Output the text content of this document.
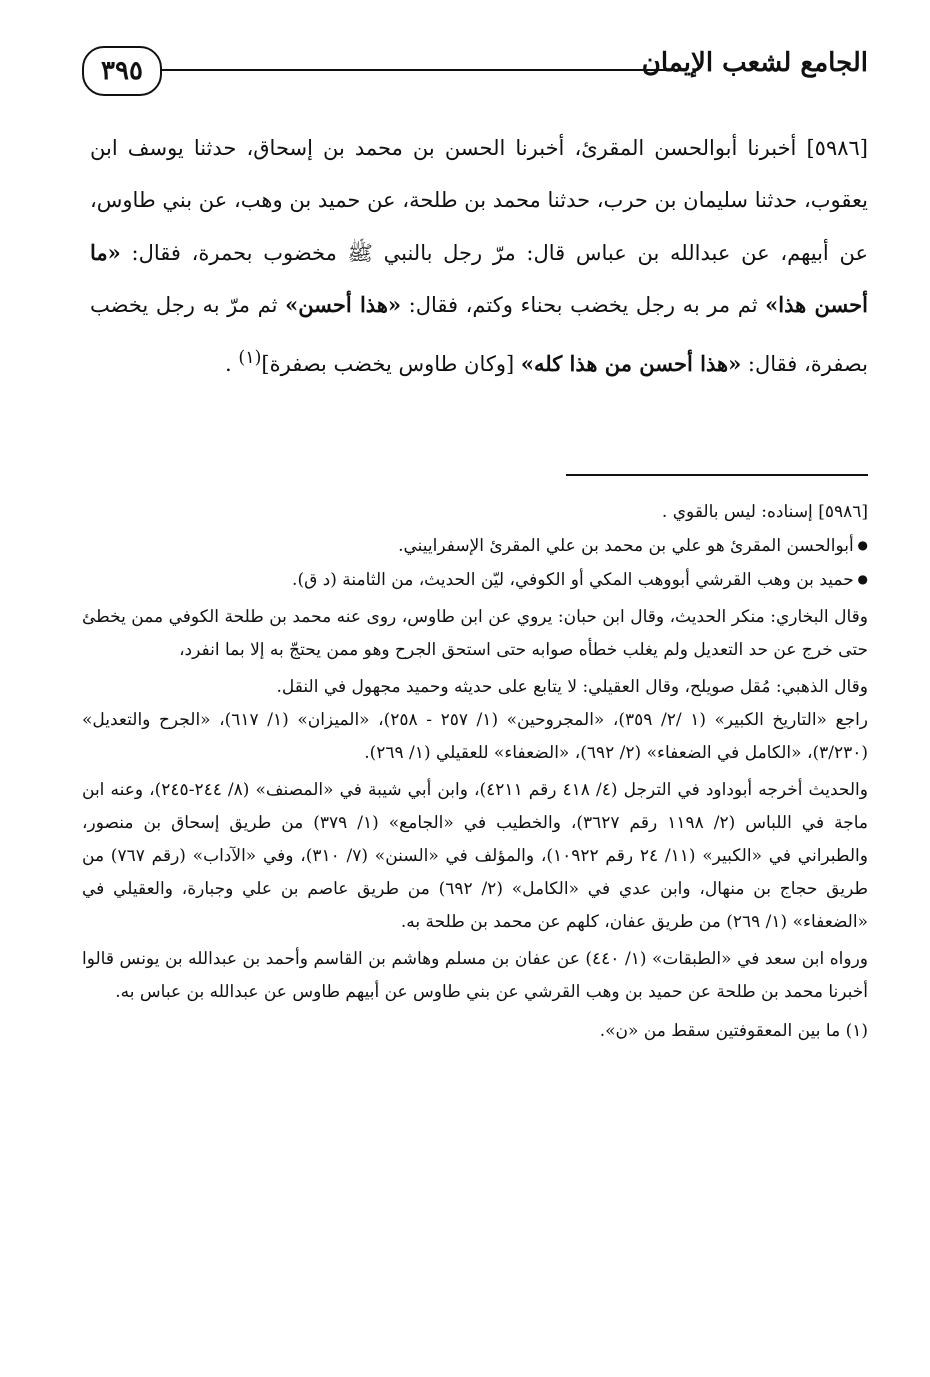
٣٩٥	الجامع لشعب الإيمان

[٥٩٨٦] أخبرنا أبوالحسن المقرئ، أخبرنا الحسن بن محمد بن إسحاق، حدثنا يوسف ابن يعقوب، حدثنا سليمان بن حرب، حدثنا محمد بن طلحة، عن حميد بن وهب، عن بني طاوس، عن أبيهم، عن عبدالله بن عباس قال: مرّ رجل بالنبي ﷺ مخضوب بحمرة، فقال: «ما أحسن هذا» ثم مر به رجل يخضب بحناء وكتم، فقال: «هذا أحسن» ثم مرّ به رجل يخضب بصفرة، فقال: «هذا أحسن من هذا كله» [وكان طاوس يخضب بصفرة]$^{(١)}$ .

[٥٩٨٦] إسناده: ليس بالقوي .

● أبوالحسن المقرئ هو علي بن محمد بن علي المقرئ الإسفراييني.

● حميد بن وهب القرشي أبووهب المكي أو الكوفي، ليّن الحديث، من الثامنة (د ق).

وقال البخاري: منكر الحديث، وقال ابن حبان: يروي عن ابن طاوس، روى عنه محمد بن طلحة الكوفي ممن يخطئ حتى خرج عن حد التعديل ولم يغلب خطأه صوابه حتى استحق الجرح وهو ممن يحتجّ به إلا بما انفرد،

وقال الذهبي: مُقل صويلح، وقال العقيلي: لا يتابع على حديثه وحميد مجهول في النقل.

راجع «التاريخ الكبير» (١ /٢/ ٣٥٩)، «المجروحين» (١/ ٢٥٧ - ٢٥٨)، «الميزان» (١/ ٦١٧)، «الجرح والتعديل» (٣/٢٣٠)، «الكامل في الضعفاء» (٢/ ٦٩٢)، «الضعفاء» للعقيلي (١/ ٢٦٩).

والحديث أخرجه أبوداود في الترجل (٤/ ٤١٨ رقم ٤٢١١)، وابن أبي شيبة في «المصنف» (٨/ ٢٤٤-٢٤٥)، وعنه ابن ماجة في اللباس (٢/ ١١٩٨ رقم ٣٦٢٧)، والخطيب في «الجامع» (١/ ٣٧٩) من طريق إسحاق بن منصور، والطبراني في «الكبير» (١١/ ٢٤ رقم ١٠٩٢٢)، والمؤلف في «السنن» (٧/ ٣١٠)، وفي «الآداب» (رقم ٧٦٧) من طريق حجاج بن منهال، وابن عدي في «الكامل» (٢/ ٦٩٢) من طريق عاصم بن علي وجبارة، والعقيلي في «الضعفاء» (١/ ٢٦٩) من طريق عفان، كلهم عن محمد بن طلحة به.

ورواه ابن سعد في «الطبقات» (١/ ٤٤٠) عن عفان بن مسلم وهاشم بن القاسم وأحمد بن عبدالله بن يونس قالوا أخبرنا محمد بن طلحة عن حميد بن وهب القرشي عن بني طاوس عن أبيهم طاوس عن عبدالله بن عباس به.

(١) ما بين المعقوفتين سقط من «ن».
